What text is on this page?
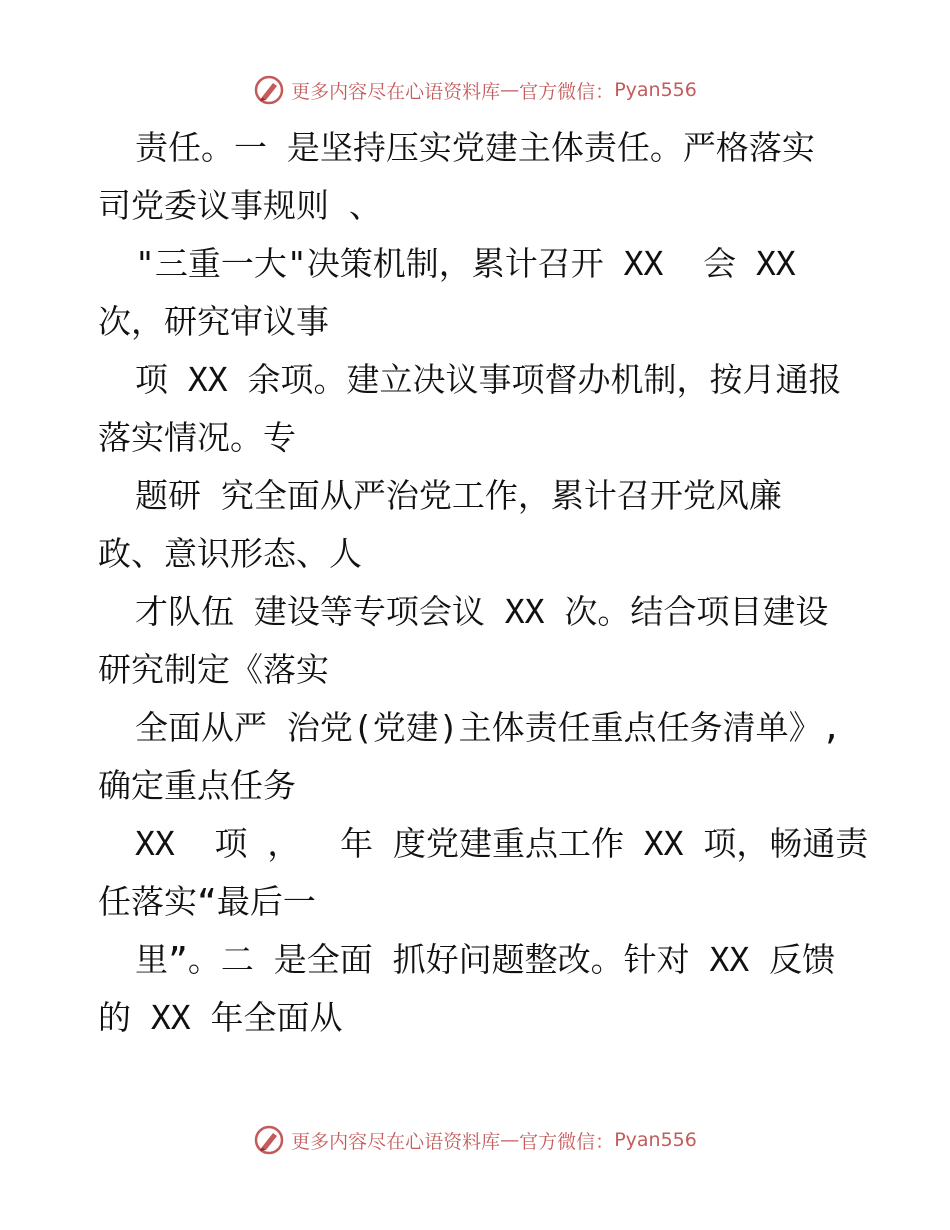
更多内容尽在心语资料库 — 官方微信： Pyan556
责任。一 是坚持压实党建主体责任。严格落实
司党委议事规则 、
"三重一大"决策机制，累计召开 XX  会 XX
次，研究审议事
项 XX 余项。建立决议事项督办机制，按月通报
落实情况。专
题研 究全面从严治党工作，累计召开党风廉
政、意识形态、人
才队伍 建设等专项会议 XX 次。结合项目建设
研究制定《落实
全面从严 治党(党建)主体责任重点任务清单》,
确定重点任务
XX  项 ，  年 度党建重点工作 XX 项，畅通责
任落实“最后一
里”。二 是全面 抓好问题整改。针对 XX 反馈
的 XX 年全面从
更多内容尽在心语资料库 — 官方微信： Pyan556
